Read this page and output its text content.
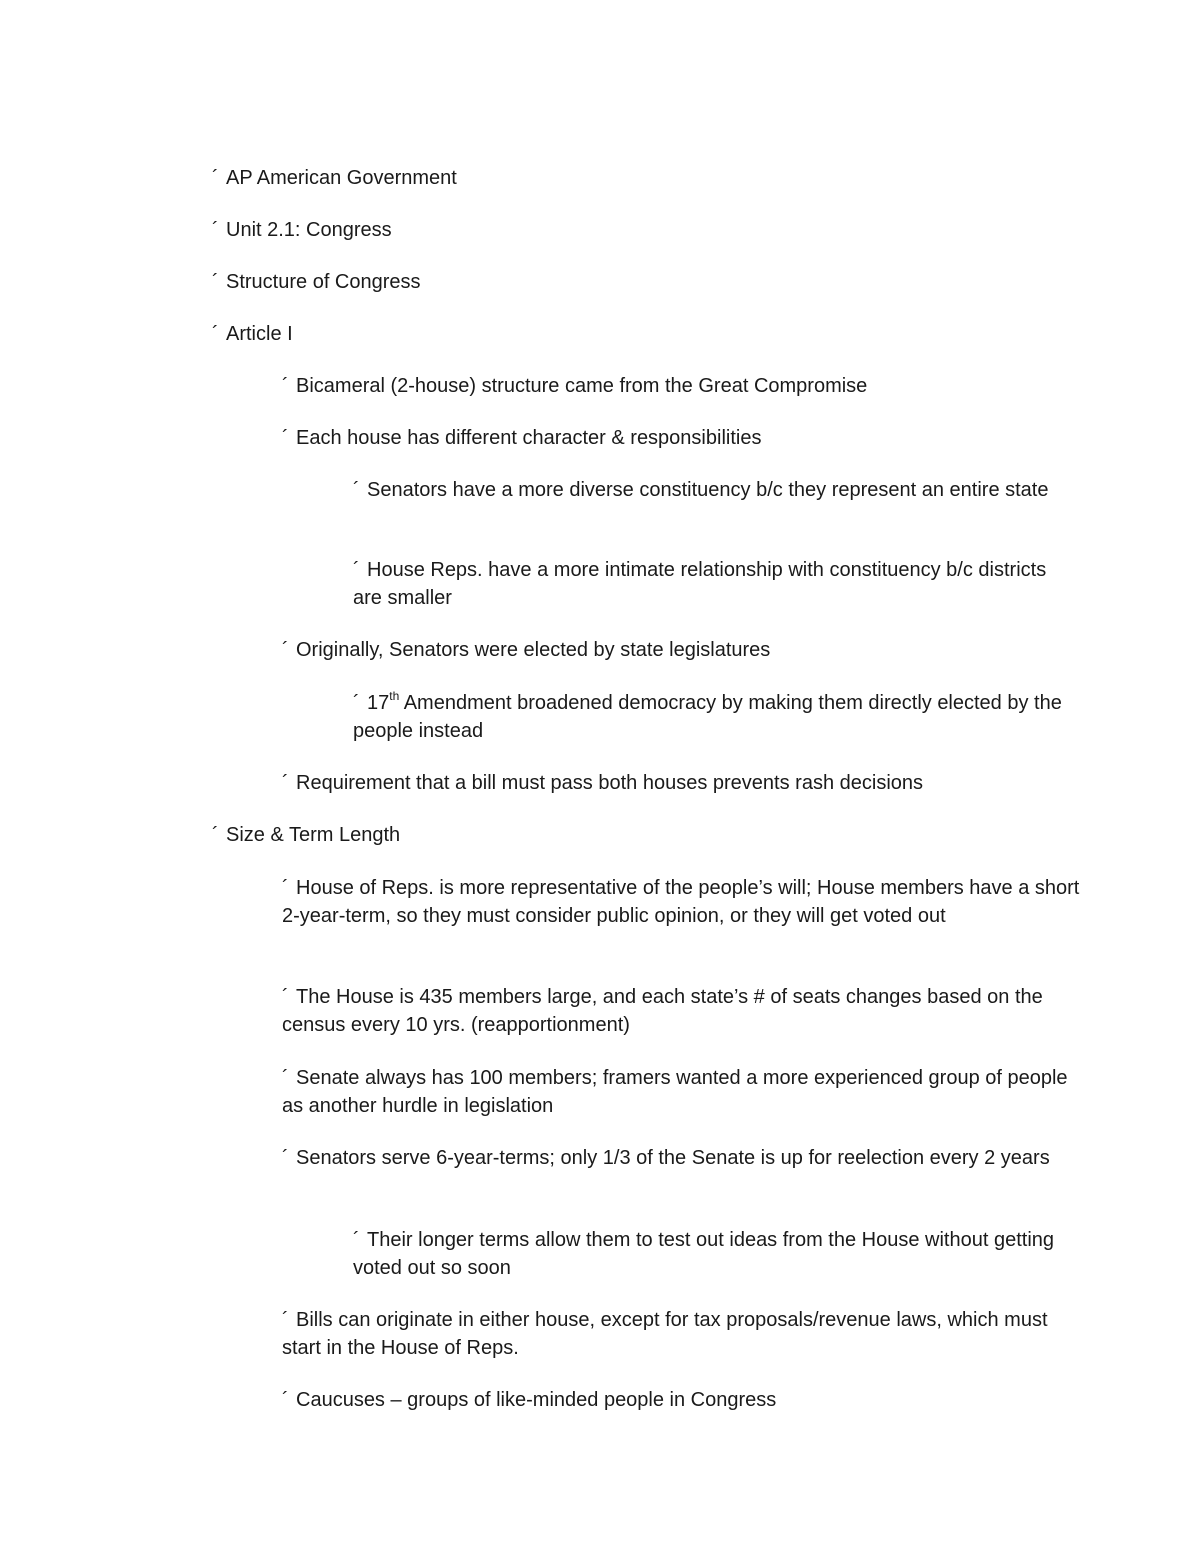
´ AP American Government
´ Unit 2.1: Congress
´ Structure of Congress
´ Article I
´ Bicameral (2-house) structure came from the Great Compromise
´ Each house has different character & responsibilities
´ Senators have a more diverse constituency b/c they represent an entire state
´ House Reps. have a more intimate relationship with constituency b/c districts are smaller
´ Originally, Senators were elected by state legislatures
´ 17th Amendment broadened democracy by making them directly elected by the people instead
´ Requirement that a bill must pass both houses prevents rash decisions
´ Size & Term Length
´ House of Reps. is more representative of the people’s will; House members have a short 2-year-term, so they must consider public opinion, or they will get voted out
´ The House is 435 members large, and each state’s # of seats changes based on the census every 10 yrs. (reapportionment)
´ Senate always has 100 members; framers wanted a more experienced group of people as another hurdle in legislation
´ Senators serve 6-year-terms; only 1/3 of the Senate is up for reelection every 2 years
´ Their longer terms allow them to test out ideas from the House without getting voted out so soon
´ Bills can originate in either house, except for tax proposals/revenue laws, which must start in the House of Reps.
´ Caucuses – groups of like-minded people in Congress
